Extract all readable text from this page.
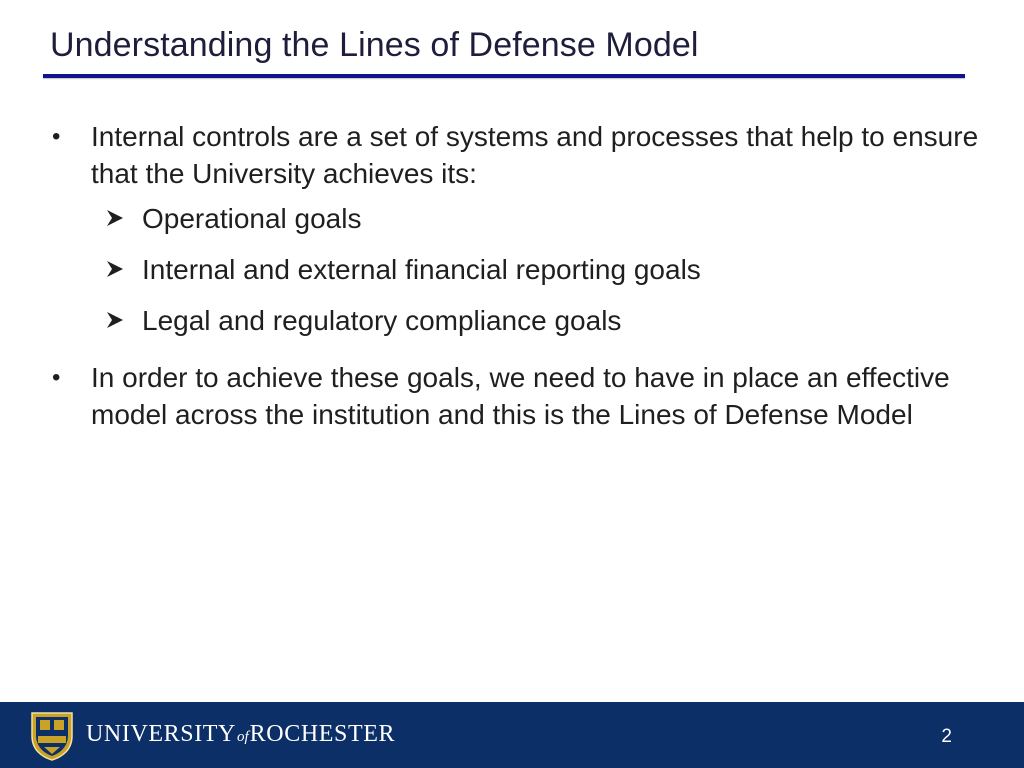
Understanding the Lines of Defense Model
• Internal controls are a set of systems and processes that help to ensure that the University achieves its:
Operational goals
Internal and external financial reporting goals
Legal and regulatory compliance goals
• In order to achieve these goals, we need to have in place an effective model across the institution and this is the Lines of Defense Model
UNIVERSITYofROCHESTER	2
